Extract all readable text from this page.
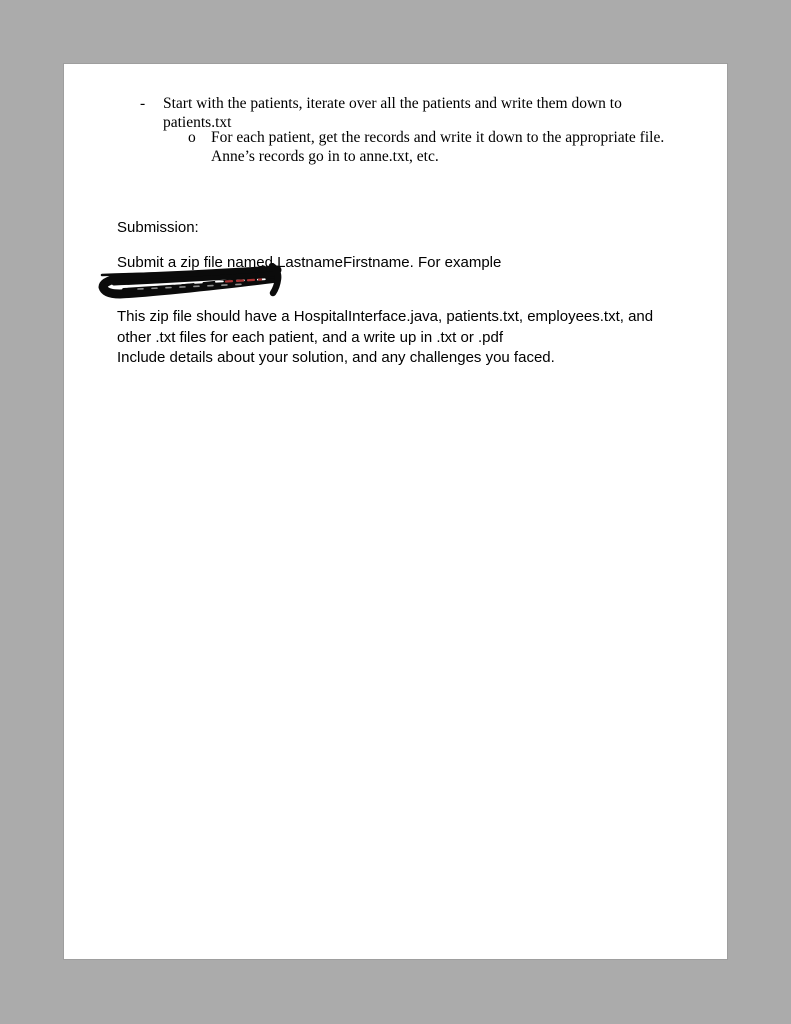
- Start with the patients, iterate over all the patients and write them down to
patients.txt
o For each patient, get the records and write it down to the appropriate file.
Anne’s records go in to anne.txt, etc.
Submission:
Submit a zip file named LastnameFirstname. For example
This zip file should have a HospitalInterface.java, patients.txt, employees.txt, and
other .txt files for each patient, and a write up in .txt or .pdf
Include details about your solution, and any challenges you faced.
